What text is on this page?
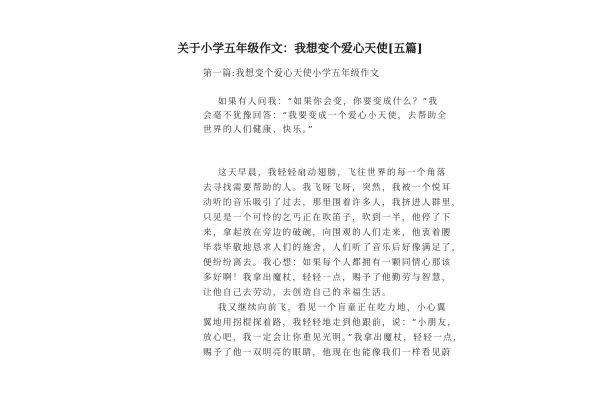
关于小学五年级作文：我想变个爱心天使[五篇]
第一篇:我想变个爱心天使小学五年级作文
如果有人问我：“如果你会变，你要变成什么？”我
会毫不犹豫回答：“我要变成一个爱心小天使，去帮助全
世界的人们健康、快乐。”
这天早晨，我轻轻扇动翅膀，飞往世界的每一个角落
去寻找需要帮助的人。我飞呀飞呀，突然，我被一个悦耳
动听的音乐吸引了过去，那里围着许多人，我挤进人群里，
只见是一个可怜的乞丐正在吹笛子，吹到一半，他停了下
来，拿起放在旁边的破碗，向围观的人们走来，他衷着腰
毕恭毕敬地恳求人们的施舍，人们听了音乐后好像满足了，
便纷纷离去。我心想：如果每个人都拥有一颗同情心那该
多好啊！我拿出魔杖，轻轻一点，赐予了他勤劳与智慧，
让他自己去劳动，去创造自己的幸福生活。
我又继续向前飞，看见一个盲童正在吃力地，小心翼
翼地用拐棍探着路，我轻轻地走到他跟前，说：“小朋友，
放心吧，我一定会让你重见光明。”我拿出魔杖，轻轻一点，
赐予了他一双明亮的眼睛，他现在也能像我们一样看见蔚
